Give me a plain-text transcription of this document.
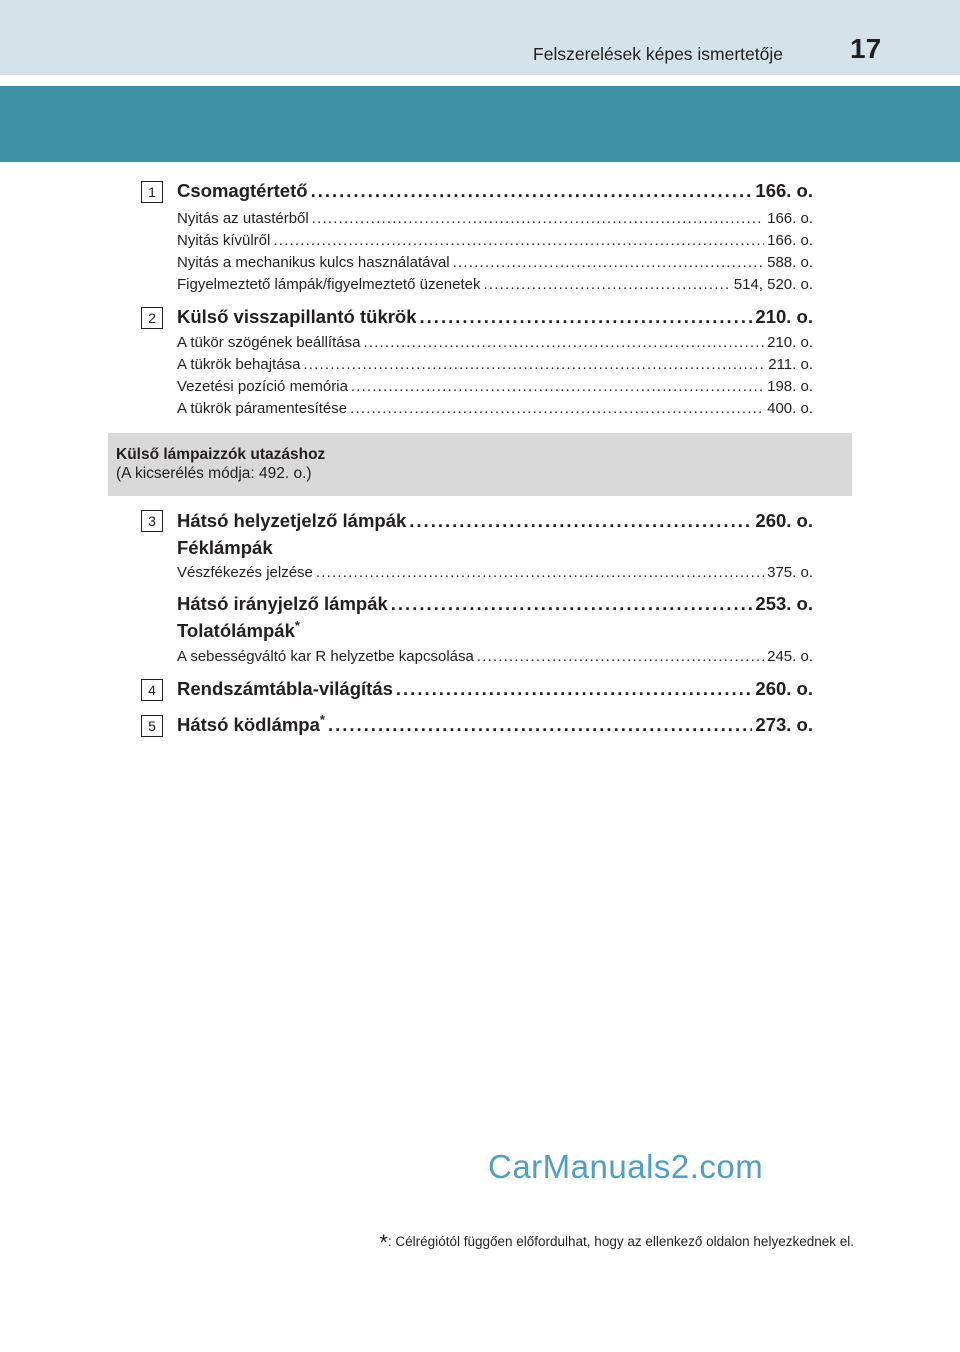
Felszerelések képes ismertetője 17
1	Csomagtértető .....	166. o.
Nyitás az utastérből .....	166. o.
Nyitás kívülről .....	166. o.
Nyitás a mechanikus kulcs használatával .....	588. o.
Figyelmeztető lámpák/figyelmeztető üzenetek .....	514, 520. o.
2	Külső visszapillantó tükrök .....	210. o.
A tükör szögének beállítása .....	210. o.
A tükrök behajtása .....	211. o.
Vezetési pozíció memória .....	198. o.
A tükrök páramentesítése .....	400. o.
Külső lámpaizzók utazáshoz
(A kicserélés módja: 492. o.)
3	Hátsó helyzetjelző lámpák .....	260. o.
Féklámpák
Vészfékezés jelzése .....	375. o.
Hátsó irányjelző lámpák .....	253. o.
Tolatólámpák*
A sebességváltó kar R helyzetbe kapcsolása .....	245. o.
4	Rendszámtábla-világítás .....	260. o.
5	Hátsó ködlámpa* .....	273. o.
CarManuals2.com
*: Célrégiótól függően előfordulhat, hogy az ellenkező oldalon helyezkednek el.
